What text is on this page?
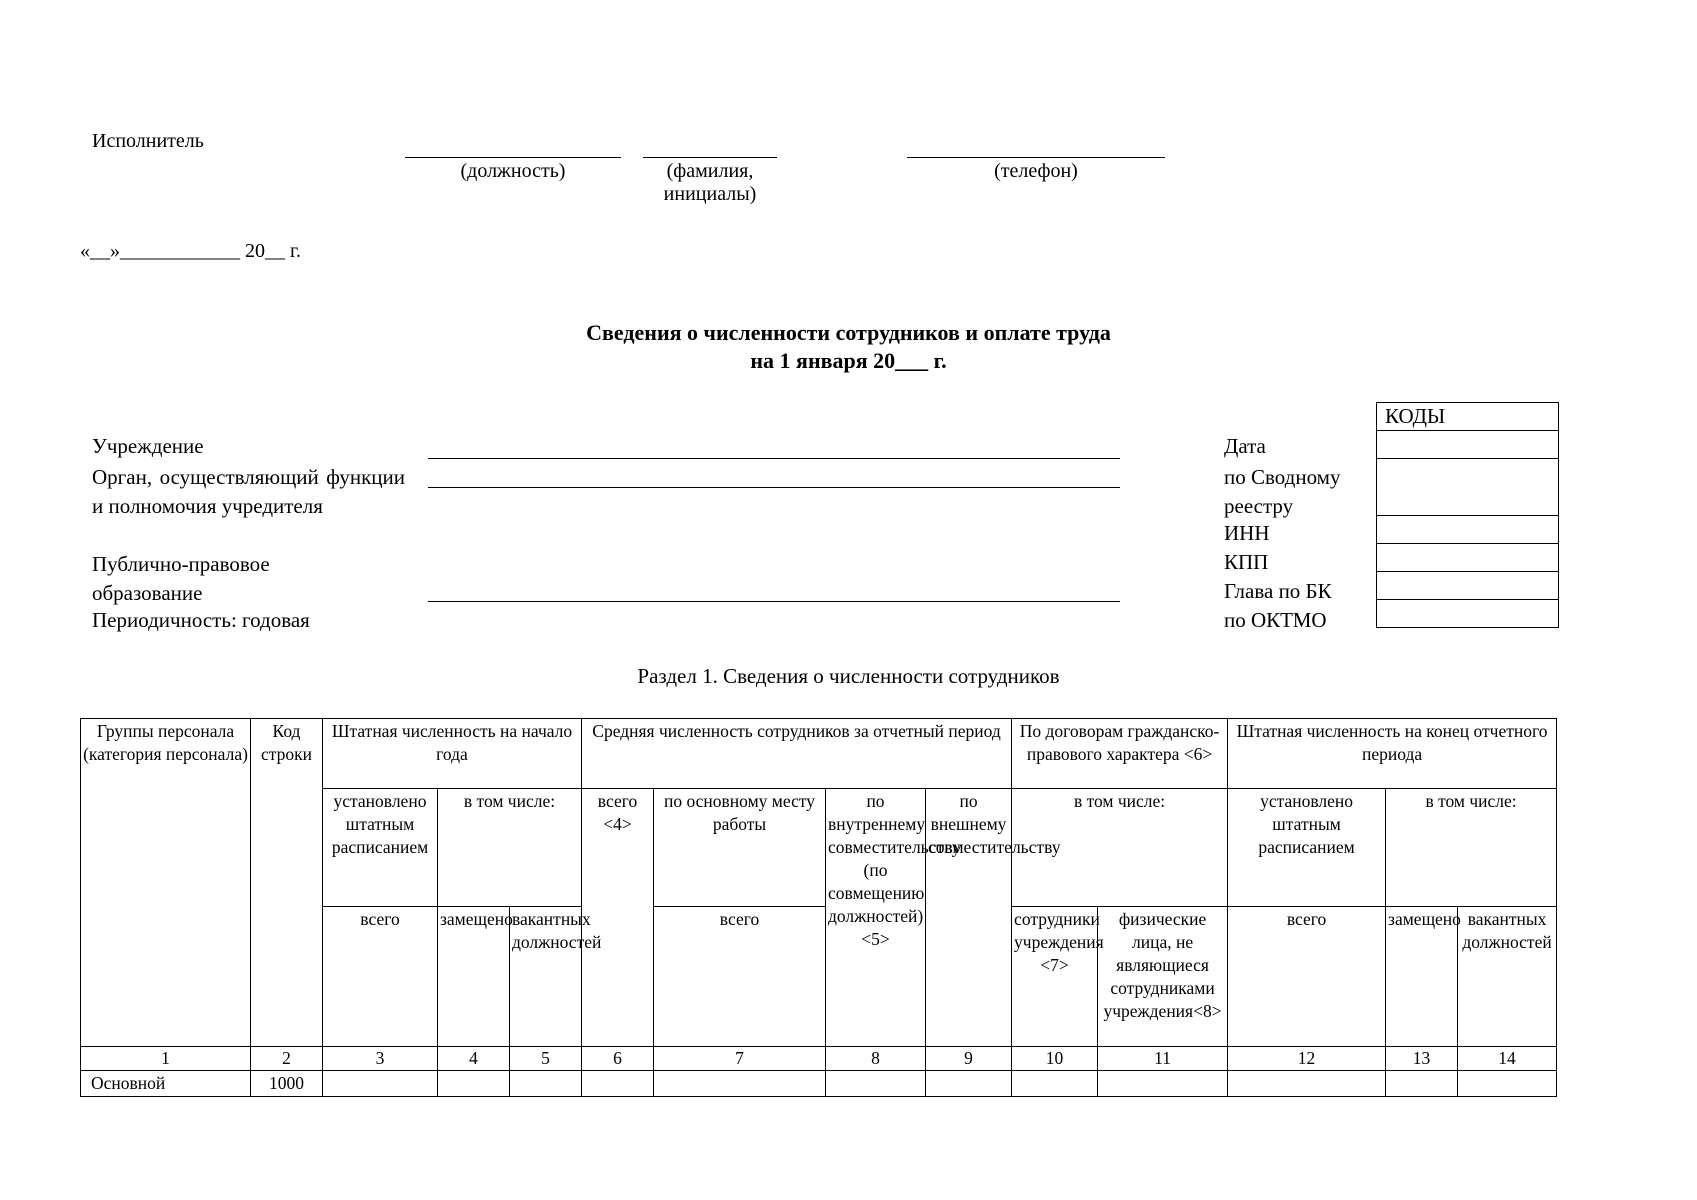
Исполнитель
(должность)	(фамилия,
инициалы)
(телефон)
«__»____________ 20__ г.
Сведения о численности сотрудников и оплате труда
на 1 января 20___ г.
Учреждение
Орган, осуществляющий функции и полномочия учредителя
Публично-правовое образование
Периодичность: годовая
Дата
по Сводному реестру
ИНН
КПП
Глава по БК
по ОКТМО
КОДЫ

Раздел 1. Сведения о численности сотрудников
Группы персонала (категория персонала)	Код строки	Штатная численность на начало года			Средняя численность сотрудников за отчетный период				По договорам гражданско-правового характера <6>		Штатная численность на конец отчетного периода		
		установлено штатным расписанием	в том числе:		всего <4>	по основному месту работы	по внутреннему совместительству (по совмещению должностей) <5>	по внешнему совместительству	в том числе:		установлено штатным расписанием	в том числе:	
		всего	замещено	вакантных должностей		всего			сотрудники учреждения <7>	физические лица, не являющиеся сотрудниками учреждения<8>	всего	замещено	вакантных должностей
1	2	3	4	5	6	7	8	9	10	11	12	13	14
Основной	1000												
